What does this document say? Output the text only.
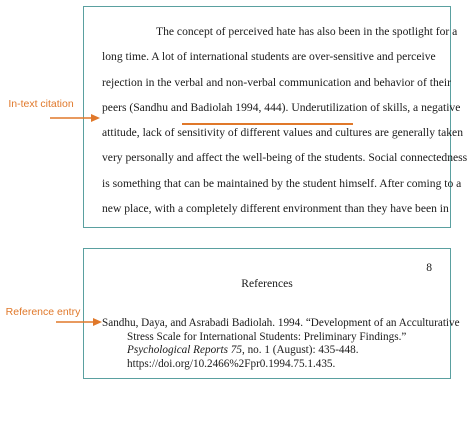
In-text citation
Reference entry
The concept of perceived hate has also been in the spotlight for a
long time. A lot of international students are over-sensitive and perceive
rejection in the verbal and non-verbal communication and behavior of their
peers (Sandhu and Badiolah 1994, 444). Underutilization of skills, a negative
attitude, lack of sensitivity of different values and cultures are generally taken
very personally and affect the well-being of the students. Social connectedness
is something that can be maintained by the student himself. After coming to a
new place, with a completely different environment than they have been in
8
References
Sandhu, Daya, and Asrabadi Badiolah. 1994. “Development of an Acculturative
Stress Scale for International Students: Preliminary Findings.”
Psychological Reports 75, no. 1 (August): 435-448.
https://doi.org/10.2466%2Fpr0.1994.75.1.435.
